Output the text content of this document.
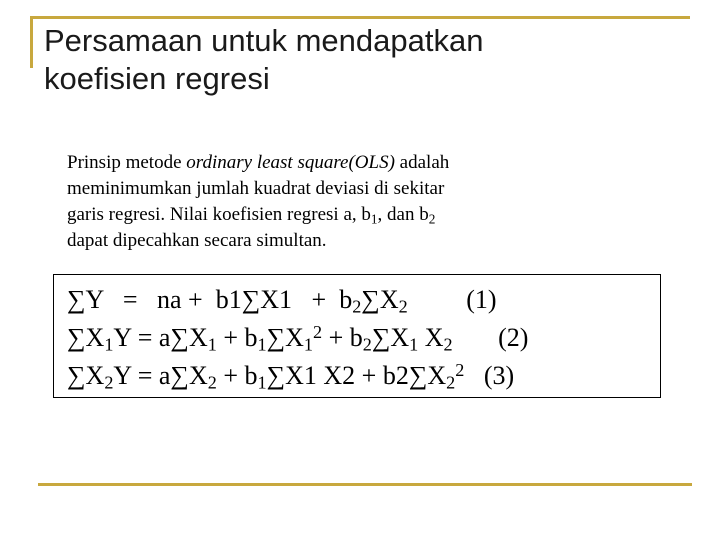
Persamaan untuk mendapatkan
koefisien regresi
Prinsip metode ordinary least square(OLS) adalah
meminimumkan jumlah kuadrat deviasi di sekitar
garis regresi. Nilai koefisien regresi a, $b_1$, dan $b_2$
dapat dipecahkan secara simultan.
∑Y   =   na +  $b1\sum X1 + b_2\sum X_2$         (1)
$\sum X_1Y = a\sum X_1 + b_1\sum X_1^2 + b_2\sum X_1$ $X_2$       (2)
$\sum X_2Y = a\sum X_2 + b_1\sum X1$ $X2 + b2\sum X_2^2$   (3)
